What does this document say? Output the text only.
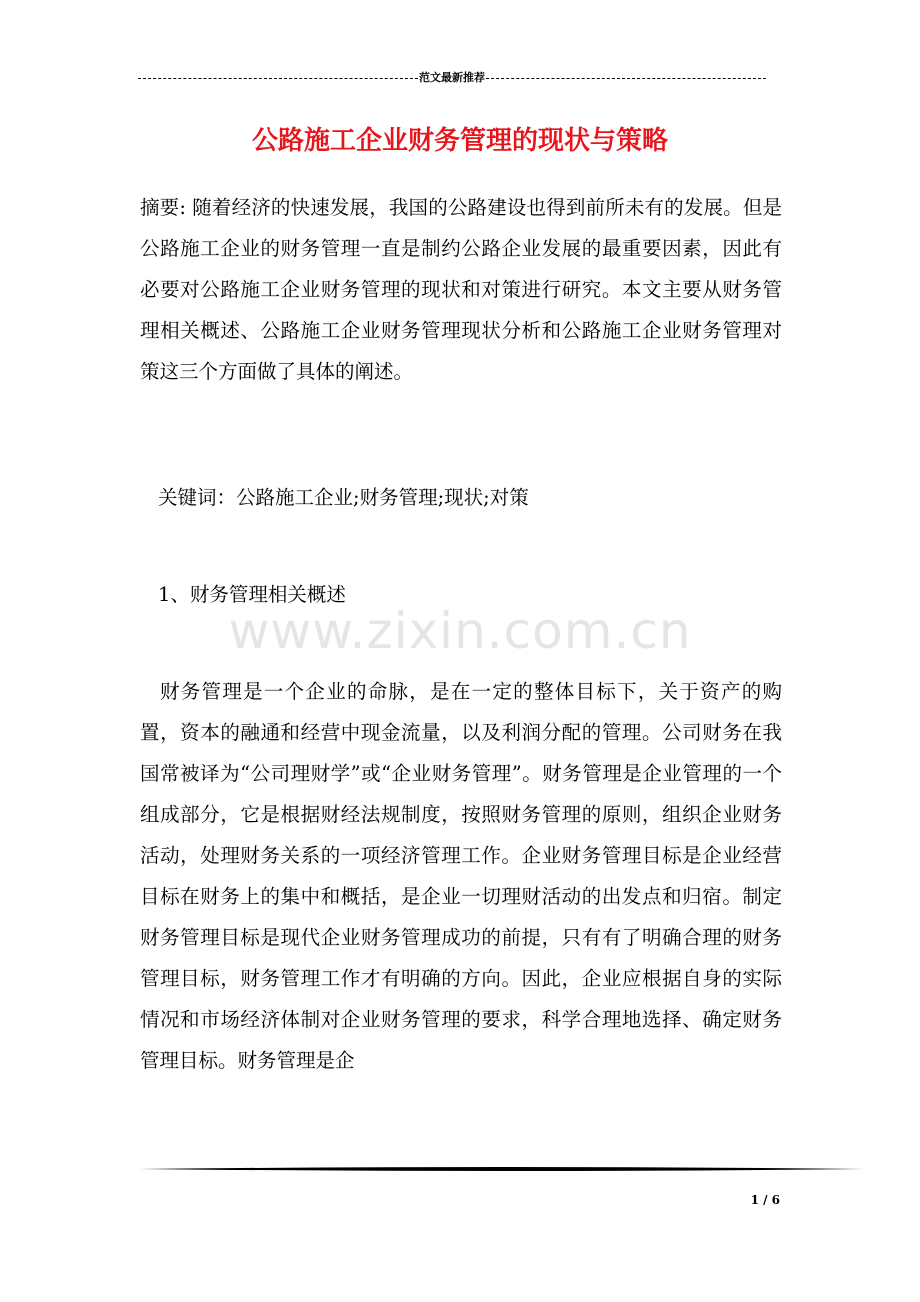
范文最新推荐
公路施工企业财务管理的现状与策略

摘要: 随着经济的快速发展，我国的公路建设也得到前所未有的发展。但是公路施工企业的财务管理一直是制约公路企业发展的最重要因素，因此有必要对公路施工企业财务管理的现状和对策进行研究。本文主要从财务管理相关概述、公路施工企业财务管理现状分析和公路施工企业财务管理对策这三个方面做了具体的阐述。

关键词：公路施工企业;财务管理;现状;对策

1、财务管理相关概述

www.zixin.com.cn

财务管理是一个企业的命脉，是在一定的整体目标下，关于资产的购置，资本的融通和经营中现金流量，以及利润分配的管理。公司财务在我国常被译为“公司理财学”或“企业财务管理”。财务管理是企业管理的一个组成部分，它是根据财经法规制度，按照财务管理的原则，组织企业财务活动，处理财务关系的一项经济管理工作。企业财务管理目标是企业经营目标在财务上的集中和概括，是企业一切理财活动的出发点和归宿。制定财务管理目标是现代企业财务管理成功的前提，只有有了明确合理的财务管理目标，财务管理工作才有明确的方向。因此，企业应根据自身的实际情况和市场经济体制对企业财务管理的要求，科学合理地选择、确定财务管理目标。财务管理是企

1 / 6
